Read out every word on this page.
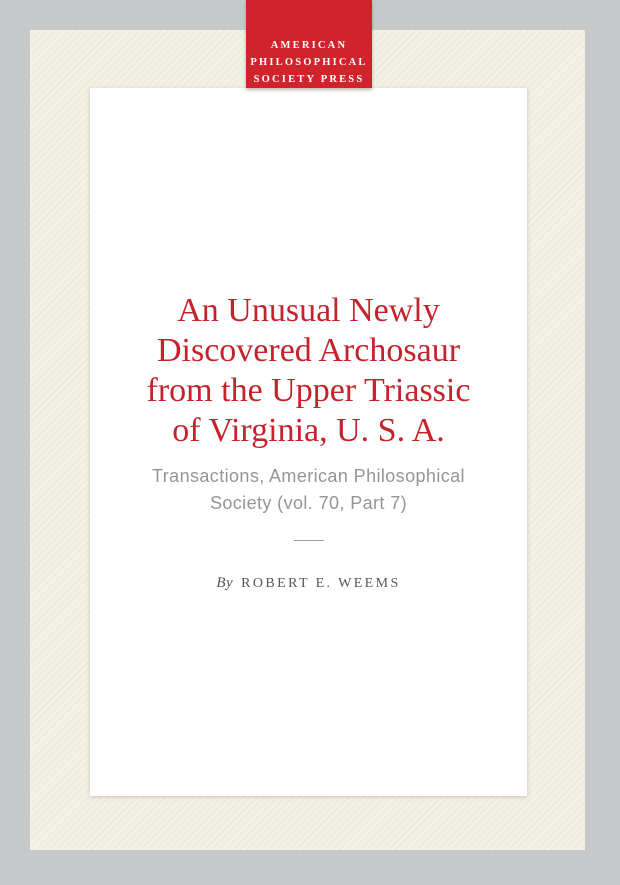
An Unusual Newly
Discovered Archosaur
from the Upper Triassic
of Virginia, U. S. A.
Transactions, American Philosophical
Society (vol. 70, Part 7)
By ROBERT E. WEEMS
AMERICAN
PHILOSOPHICAL
SOCIETY PRESS
